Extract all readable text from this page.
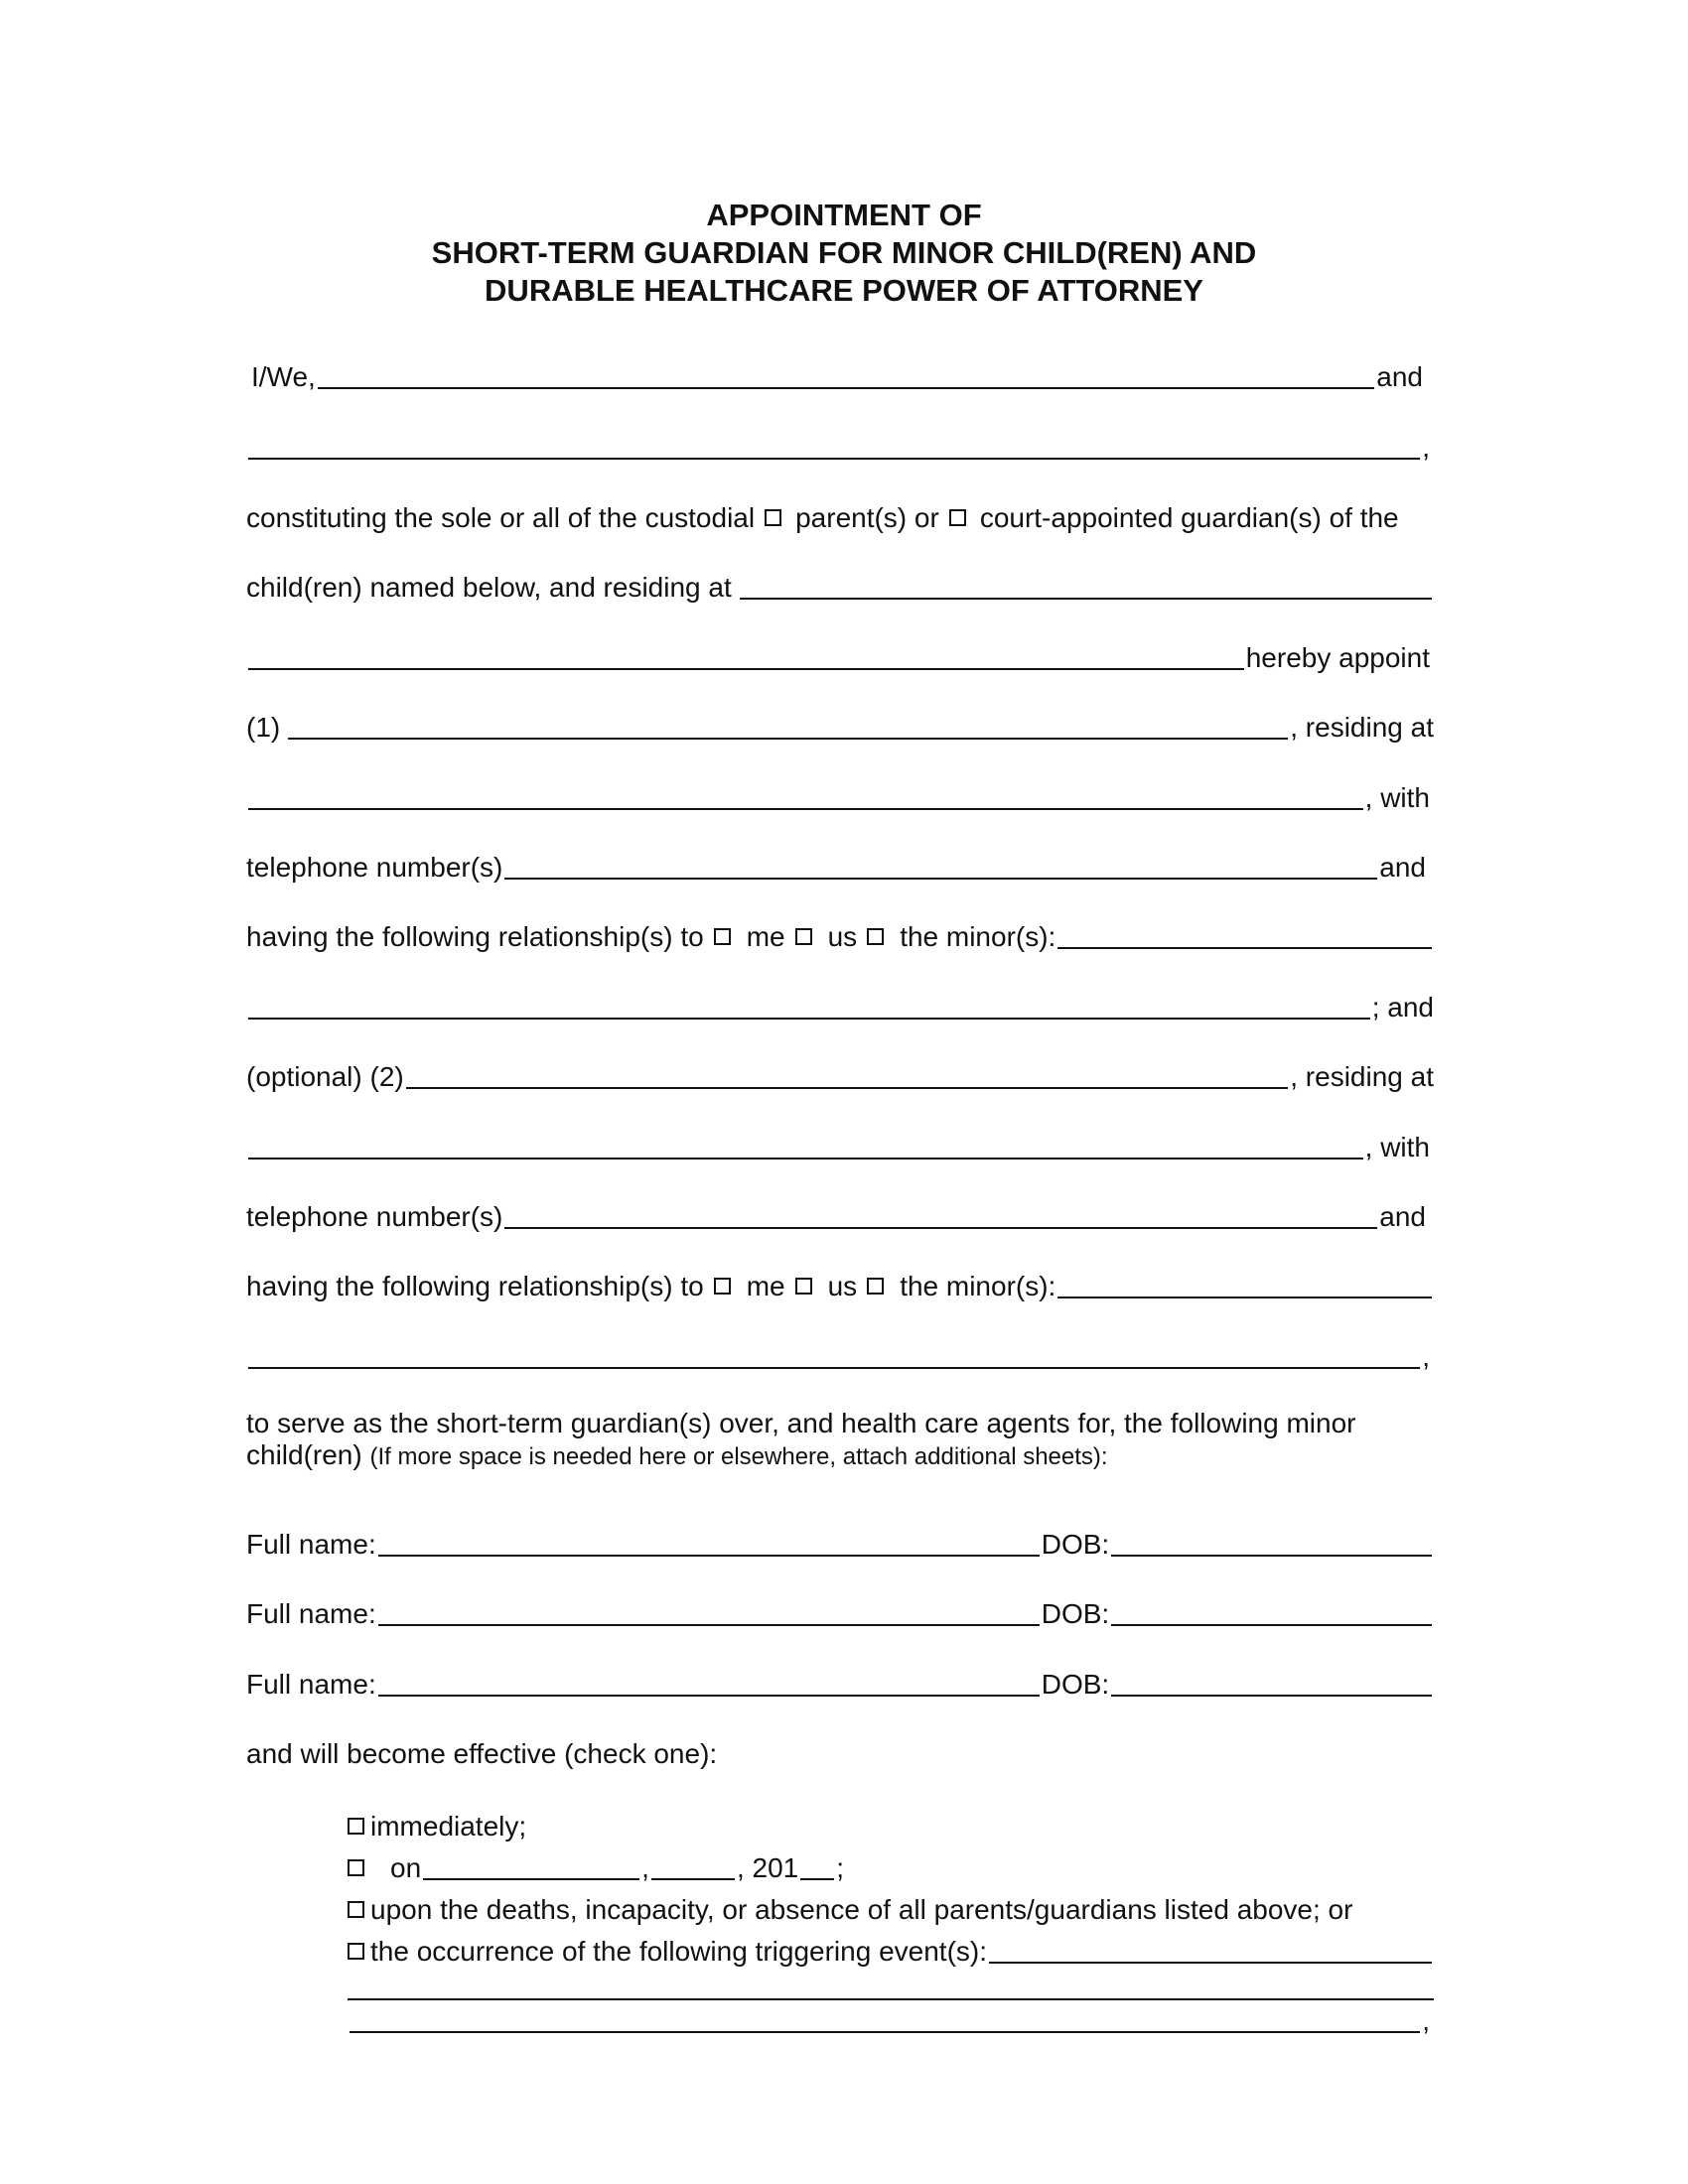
APPOINTMENT OF
SHORT-TERM GUARDIAN FOR MINOR CHILD(REN) AND
DURABLE HEALTHCARE POWER OF ATTORNEY
I/We,	and
,
constituting the sole or all of the custodial parent(s) or court-appointed guardian(s) of the
child(ren) named below, and residing at
hereby appoint
(1)	, residing at
, with
telephone number(s)	and
having the following relationship(s) to me us the minor(s):
; and
(optional) (2)	, residing at
, with
telephone number(s)	and
having the following relationship(s) to me us the minor(s):
,
to serve as the short-term guardian(s) over, and health care agents for, the following minor
child(ren) (If more space is needed here or elsewhere, attach additional sheets):
Full name:	DOB:
Full name:	DOB:
Full name:	DOB:
and will become effective (check one):
immediately;
on	,	, 201 ;
upon the deaths, incapacity, or absence of all parents/guardians listed above; or
the occurrence of the following triggering event(s):
,
